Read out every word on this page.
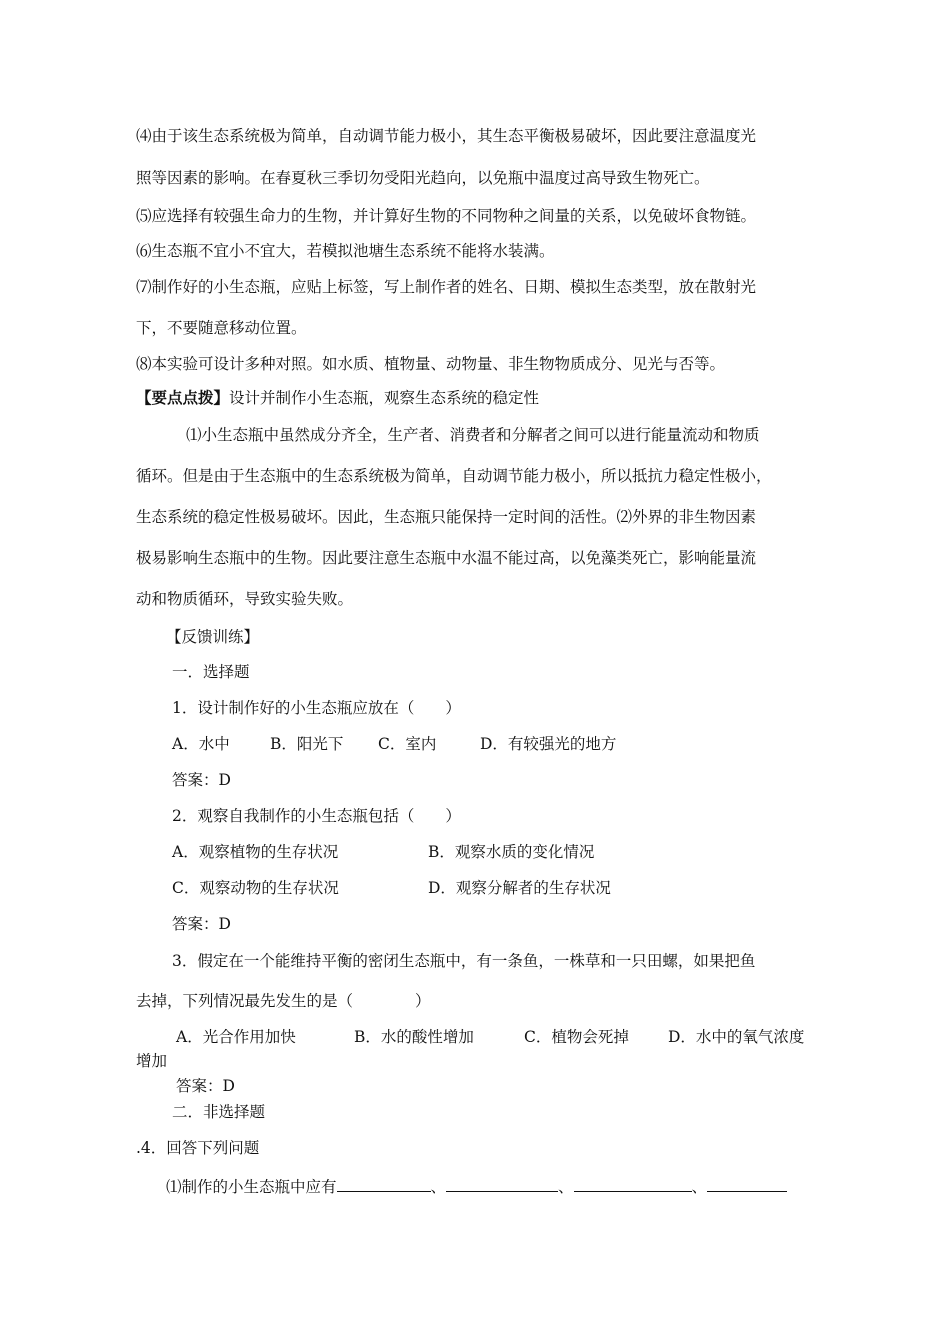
⑷由于该生态系统极为简单，自动调节能力极小，其生态平衡极易破坏，因此要注意温度光
照等因素的影响。在春夏秋三季切勿受阳光趋向，以免瓶中温度过高导致生物死亡。
⑸应选择有较强生命力的生物，并计算好生物的不同物种之间量的关系，以免破坏食物链。
⑹生态瓶不宜小不宜大，若模拟池塘生态系统不能将水装满。
⑺制作好的小生态瓶，应贴上标签，写上制作者的姓名、日期、模拟生态类型，放在散射光
下，不要随意移动位置。
⑻本实验可设计多种对照。如水质、植物量、动物量、非生物物质成分、见光与否等。
【要点点拨】设计并制作小生态瓶，观察生态系统的稳定性
⑴小生态瓶中虽然成分齐全，生产者、消费者和分解者之间可以进行能量流动和物质
循环。但是由于生态瓶中的生态系统极为简单，自动调节能力极小，所以抵抗力稳定性极小，
生态系统的稳定性极易破坏。因此，生态瓶只能保持一定时间的活性。⑵外界的非生物因素
极易影响生态瓶中的生物。因此要注意生态瓶中水温不能过高，以免藻类死亡，影响能量流
动和物质循环，导致实验失败。
【反馈训练】
一．选择题
1．设计制作好的小生态瓶应放在（　　）
A．水中	B．阳光下 C．室内	D．有较强光的地方
答案：D
2．观察自我制作的小生态瓶包括（　　）
A．观察植物的生存状况	B．观察水质的变化情况
C．观察动物的生存状况	D．观察分解者的生存状况
答案：D
3．假定在一个能维持平衡的密闭生态瓶中，有一条鱼，一株草和一只田螺，如果把鱼
去掉，下列情况最先发生的是（　　　　）
A．光合作用加快	B．水的酸性增加	C．植物会死掉	D．水中的氧气浓度
增加
答案：D
二．非选择题
.4．回答下列问题
⑴制作的小生态瓶中应有	、	、	、
